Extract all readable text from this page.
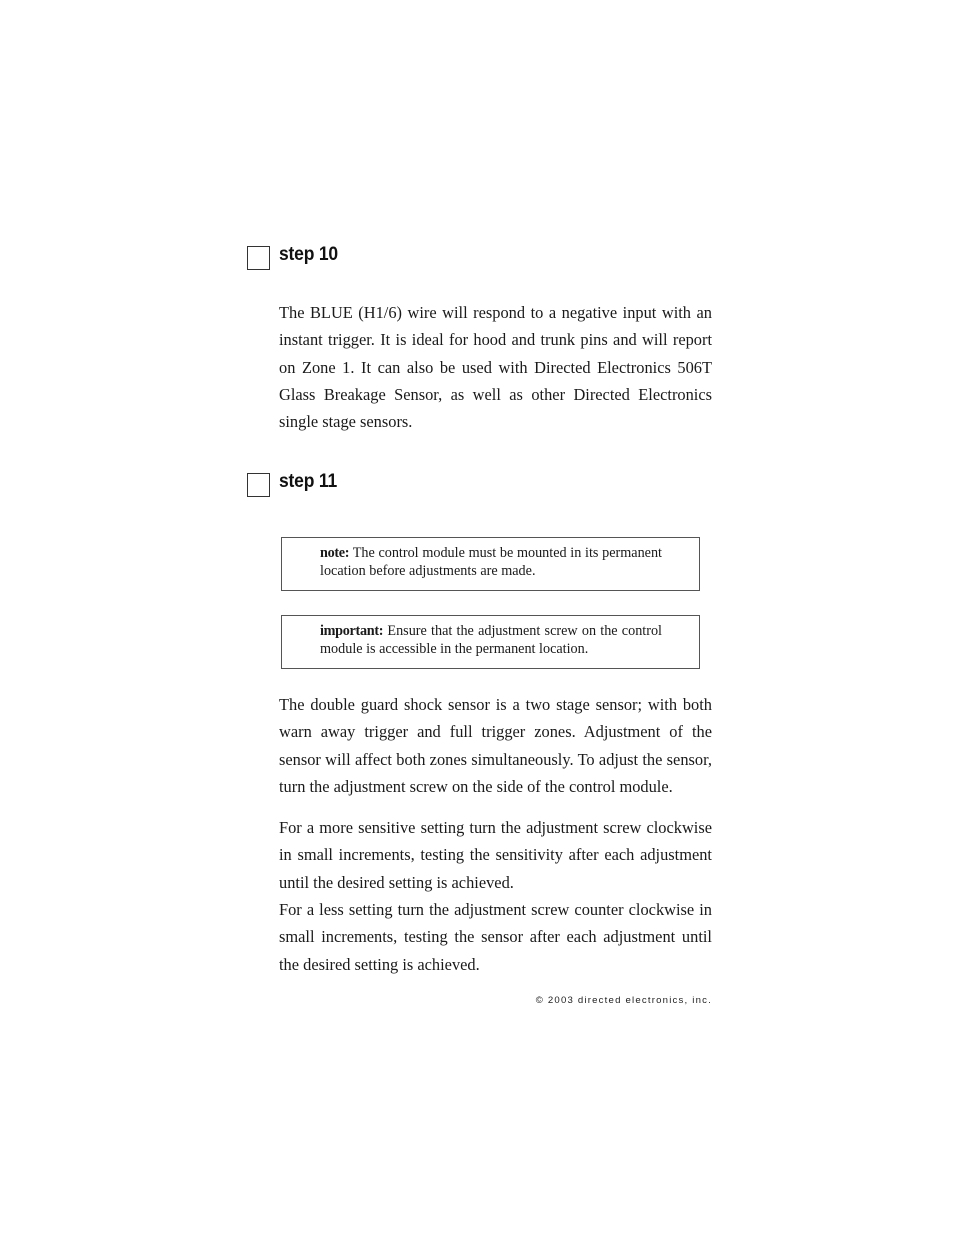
step 10

The BLUE (H1/6) wire will respond to a negative input with an instant trigger. It is ideal for hood and trunk pins and will report on Zone 1. It can also be used with Directed Electronics 506T Glass Breakage Sensor, as well as other Directed Electronics single stage sensors.

step 11
note: The control module must be mounted in its permanent location before adjustments are made.
important: Ensure that the adjustment screw on the control module is accessible in the permanent location.

The double guard shock sensor is a two stage sensor; with both warn away trigger and full trigger zones. Adjustment of the sensor will affect both zones simultaneously. To adjust the sensor, turn the adjustment screw on the side of the control module.

For a more sensitive setting turn the adjustment screw clockwise in small increments, testing the sensitivity after each adjustment until the desired setting is achieved.

For a less setting turn the adjustment screw counter clockwise in small increments, testing the sensor after each adjustment until the desired setting is achieved.

© 2003 directed electronics, inc.
